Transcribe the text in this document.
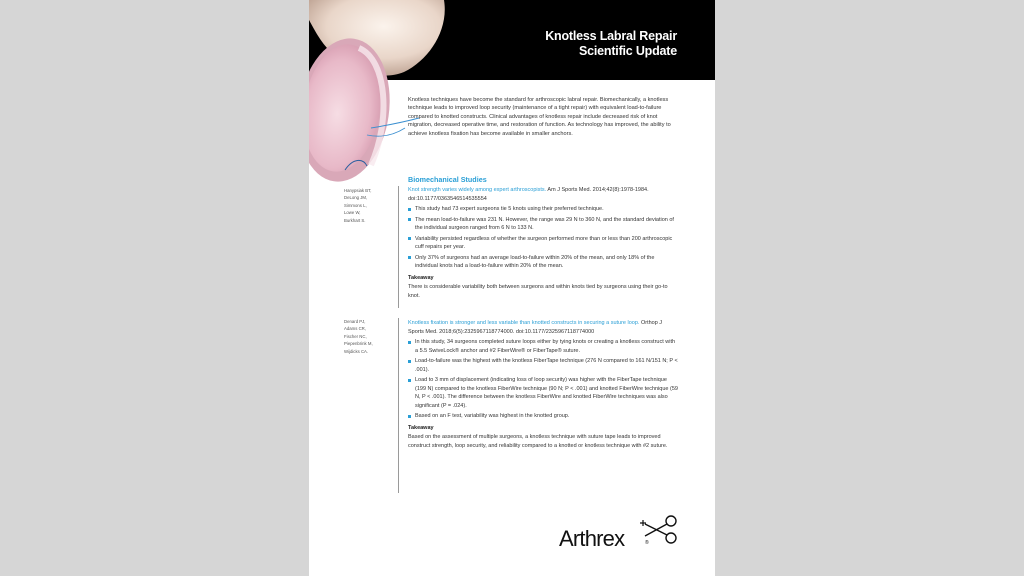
Knotless Labral Repair
Scientific Update
Knotless techniques have become the standard for arthroscopic labral repair. Biomechanically, a knotless technique leads to improved loop security (maintenance of a tight repair) with equivalent load-to-failure compared to knotted constructs. Clinical advantages of knotless repair include decreased risk of knot migration, decreased operative time, and restoration of function. As technology has improved, the ability to achieve knotless fixation has become available in smaller anchors.
Biomechanical Studies
Hanypsiak BT,
DeLong JM,
Simmons L,
Lowe W,
Burkhart S.
Knot strength varies widely among expert arthroscopists. Am J Sports Med. 2014;42(8):1978-1984. doi:10.1177/0363546514535554
This study had 73 expert surgeons tie 5 knots using their preferred technique.
The mean load-to-failure was 231 N. However, the range was 29 N to 360 N, and the standard deviation of the individual surgeon ranged from 6 N to 133 N.
Variability persisted regardless of whether the surgeon performed more than or less than 200 arthroscopic cuff repairs per year.
Only 37% of surgeons had an average load-to-failure within 20% of the mean, and only 18% of the individual knots had a load-to-failure within 20% of the mean.
Takeaway
There is considerable variability both between surgeons and within knots tied by surgeons using their go-to knot.
Denard PJ,
Adams CR,
Fischer NC,
Piepenbrink M,
Wijdicks CA.
Knotless fixation is stronger and less variable than knotted constructs in securing a suture loop. Orthop J Sports Med. 2018;6(5):2325967118774000. doi:10.1177/2325967118774000
In this study, 34 surgeons completed suture loops either by tying knots or creating a knotless construct with a 5.5 SwiveLock® anchor and #2 FiberWire® or FiberTape® suture.
Load-to-failure was the highest with the knotless FiberTape technique (276 N compared to 161 N/151 N; P < .001).
Load to 3 mm of displacement (indicating loss of loop security) was higher with the FiberTape technique (199 N) compared to the knotless FiberWire technique (90 N; P < .001) and knotted FiberWire technique (59 N, P < .001). The difference between the knotless FiberWire and knotted FiberWire techniques was also significant (P = .024).
Based on an F test, variability was highest in the knotted group.
Takeaway
Based on the assessment of multiple surgeons, a knotless technique with suture tape leads to improved construct strength, loop security, and reliability compared to a knotted or knotless technique with #2 suture.
Arthrex	®
